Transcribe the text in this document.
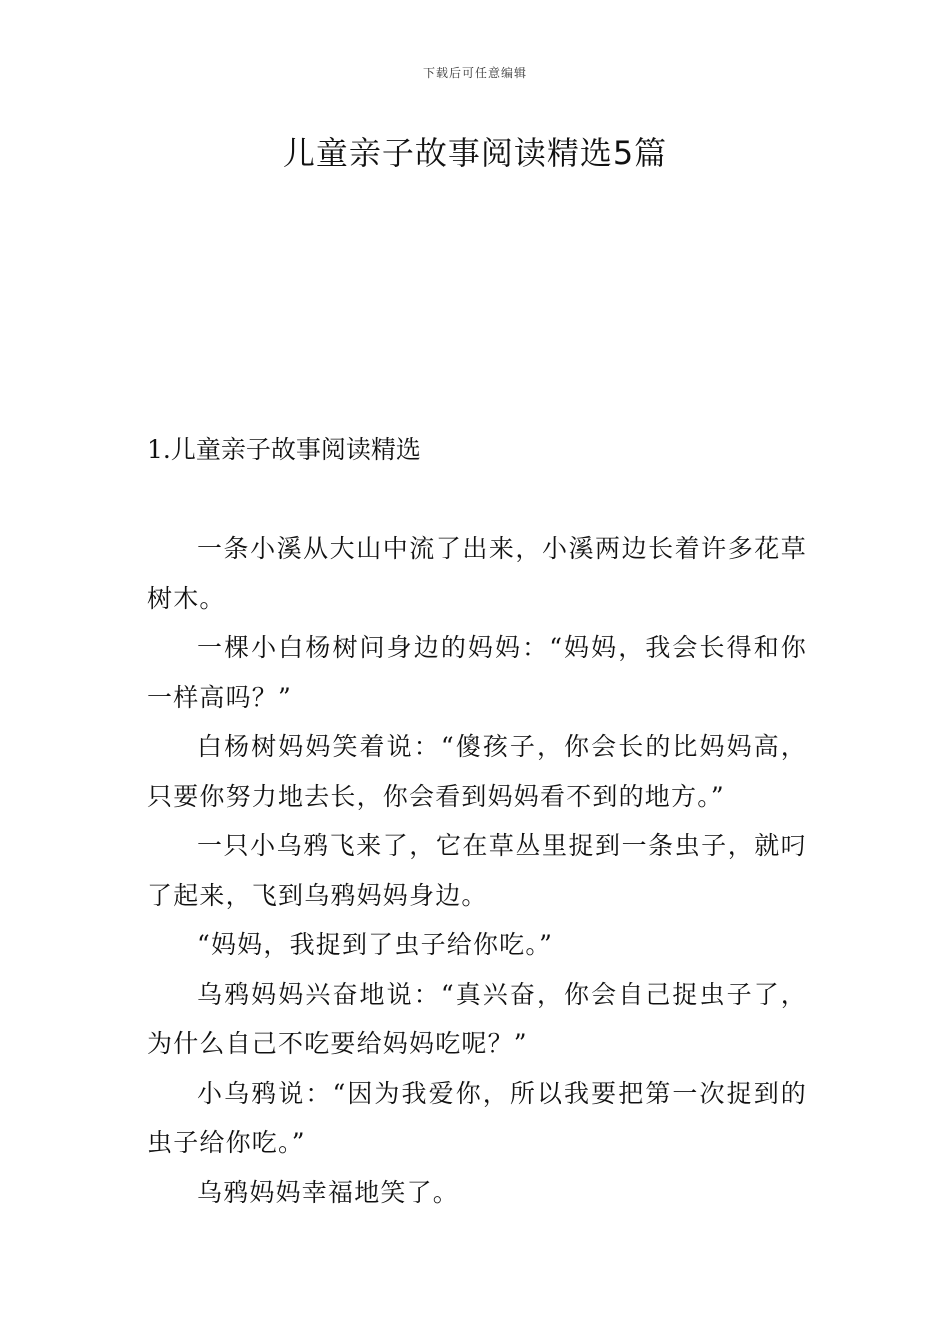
下载后可任意编辑
儿童亲子故事阅读精选5篇
1.儿童亲子故事阅读精选

一条小溪从大山中流了出来，小溪两边长着许多花草树木。

一棵小白杨树问身边的妈妈：“妈妈，我会长得和你一样高吗？”

白杨树妈妈笑着说：“傻孩子，你会长的比妈妈高，只要你努力地去长，你会看到妈妈看不到的地方。”

一只小乌鸦飞来了，它在草丛里捉到一条虫子，就叼了起来，飞到乌鸦妈妈身边。

“妈妈，我捉到了虫子给你吃。”

乌鸦妈妈兴奋地说：“真兴奋，你会自己捉虫子了，为什么自己不吃要给妈妈吃呢？”

小乌鸦说：“因为我爱你，所以我要把第一次捉到的虫子给你吃。”

乌鸦妈妈幸福地笑了。
